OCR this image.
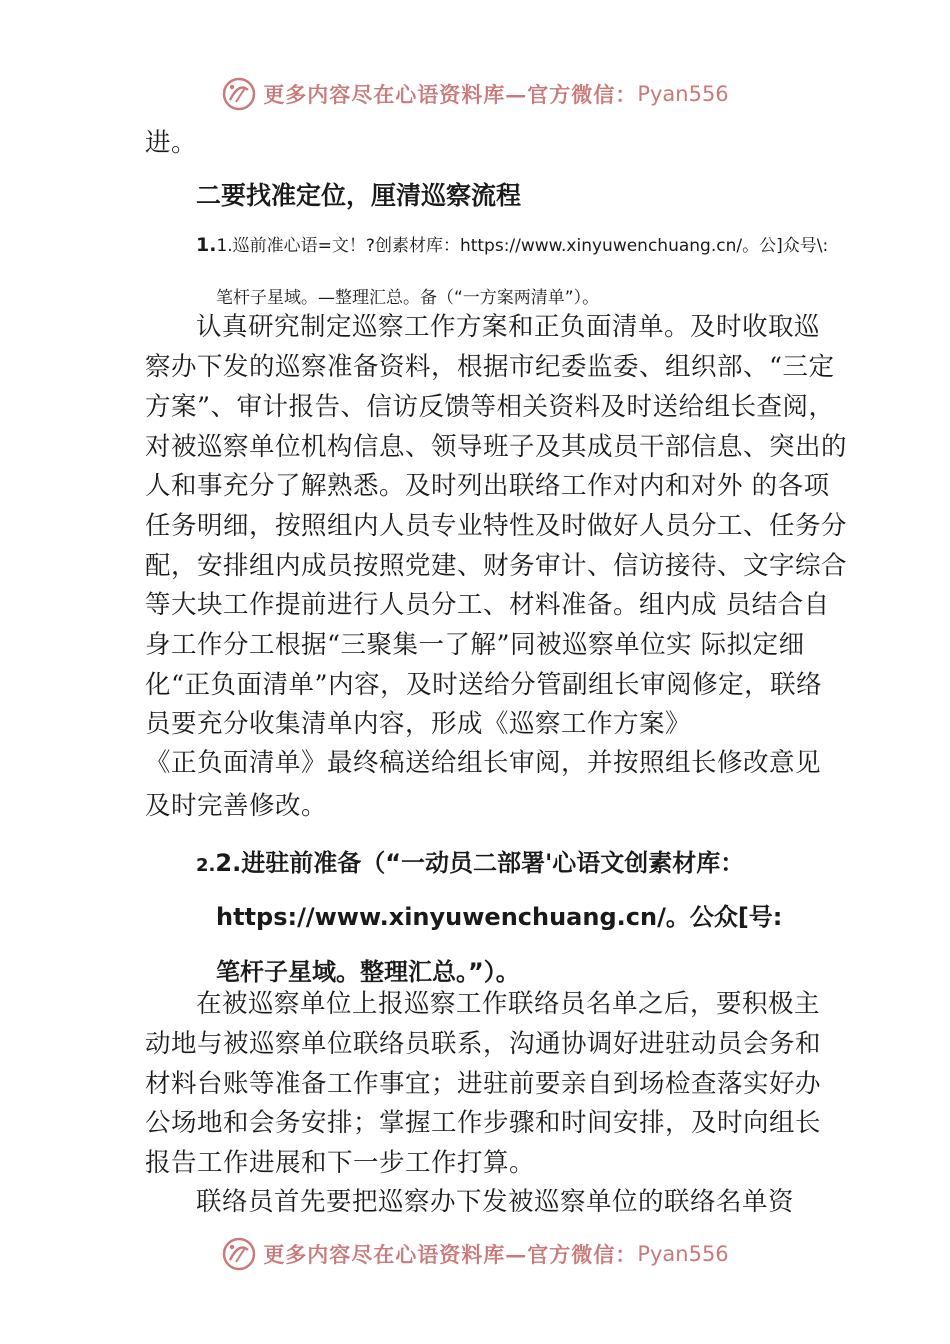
更多内容尽在心语资料库—官方微信： Pyan556
进。
二要找准定位，厘清巡察流程
1.1.巡前准心语=文！?创素材库：https://www.xinyuwenchuang.cn/。公]众号\:
笔杆子星域。—整理汇总。备（“一方案两清单”）。
认真研究制定巡察工作方案和正负面清单。及时收取巡
察办下发的巡察准备资料，根据市纪委监委、组织部、“三定
方案”、审计报告、信访反馈等相关资料及时送给组长查阅，
对被巡察单位机构信息、领导班子及其成员干部信息、突出的
人和事充分了解熟悉。及时列出联络工作对内和对外 的各项
任务明细，按照组内人员专业特性及时做好人员分工、任务分
配，安排组内成员按照党建、财务审计、信访接待、文字综合
等大块工作提前进行人员分工、材料准备。组内成 员结合自
身工作分工根据“三聚集一了解”同被巡察单位实 际拟定细
化“正负面清单”内容，及时送给分管副组长审阅修定，联络
员要充分收集清单内容，形成《巡察工作方案》
《正负面清单》最终稿送给组长审阅，并按照组长修改意见
及时完善修改。
2.2.进驻前准备（“一动员二部署'心语文创素材库：
https://www.xinyuwenchuang.cn/。公众[号:
笔杆子星域。整理汇总。”）。
在被巡察单位上报巡察工作联络员名单之后，要积极主
动地与被巡察单位联络员联系，沟通协调好进驻动员会务和
材料台账等准备工作事宜；进驻前要亲自到场检查落实好办
公场地和会务安排；掌握工作步骤和时间安排，及时向组长
报告工作进展和下一步工作打算。
联络员首先要把巡察办下发被巡察单位的联络名单资
更多内容尽在心语资料库—官方微信： Pyan556
